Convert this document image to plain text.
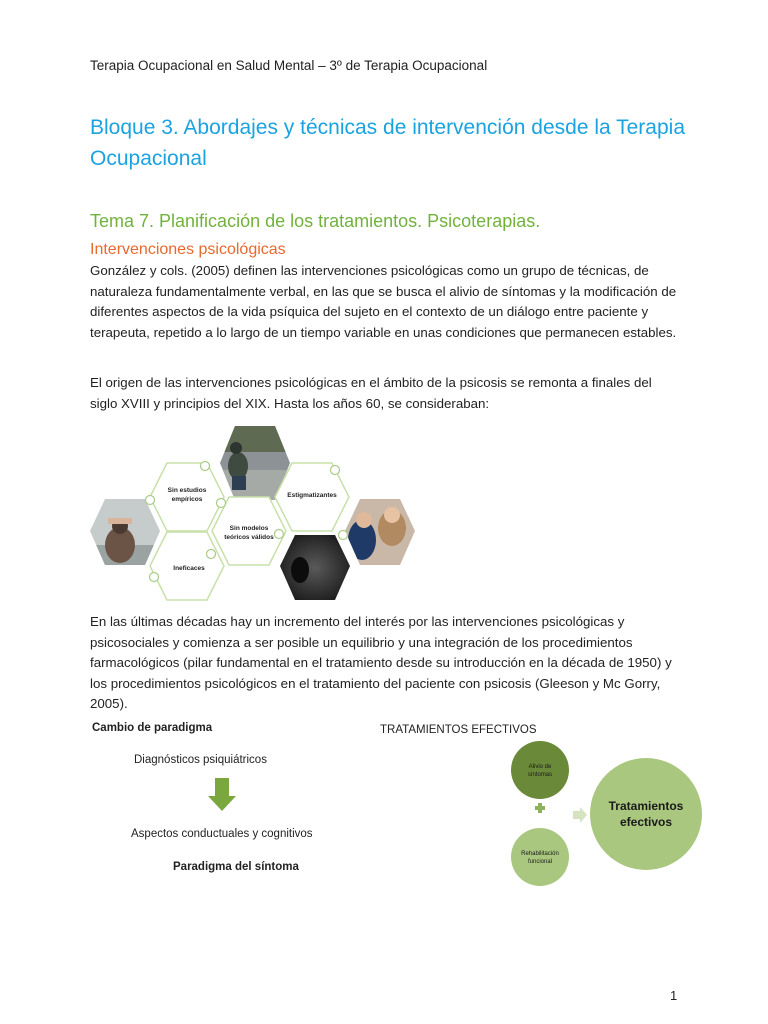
Terapia Ocupacional en Salud Mental – 3º de Terapia Ocupacional
Bloque 3. Abordajes y técnicas de intervención desde la Terapia Ocupacional
Tema 7. Planificación de los tratamientos. Psicoterapias.
Intervenciones psicológicas

González y cols. (2005) definen las intervenciones psicológicas como un grupo de técnicas, de naturaleza fundamentalmente verbal, en las que se busca el alivio de síntomas y la modificación de diferentes aspectos de la vida psíquica del sujeto en el contexto de un diálogo entre paciente y terapeuta, repetido a lo largo de un tiempo variable en unas condiciones que permanecen estables.

El origen de las intervenciones psicológicas en el ámbito de la psicosis se remonta a finales del siglo XVIII y principios del XIX. Hasta los años 60, se consideraban:

Sin estudios
empíricos
Estigmatizantes
Sin modelos
teóricos válidos
Ineficaces

En las últimas décadas hay un incremento del interés por las intervenciones psicológicas y psicosociales y comienza a ser posible un equilibrio y una integración de los procedimientos farmacológicos (pilar fundamental en el tratamiento desde su introducción en la década de 1950) y los procedimientos psicológicos en el tratamiento del paciente con psicosis (Gleeson y Mc Gorry, 2005).

Cambio de paradigma
Diagnósticos psiquiátricos
Aspectos conductuales y cognitivos
Paradigma del síntoma
TRATAMIENTOS EFECTIVOS
Alivio de
síntomas
Rehabilitación
funcional
Tratamientos
efectivos
1
